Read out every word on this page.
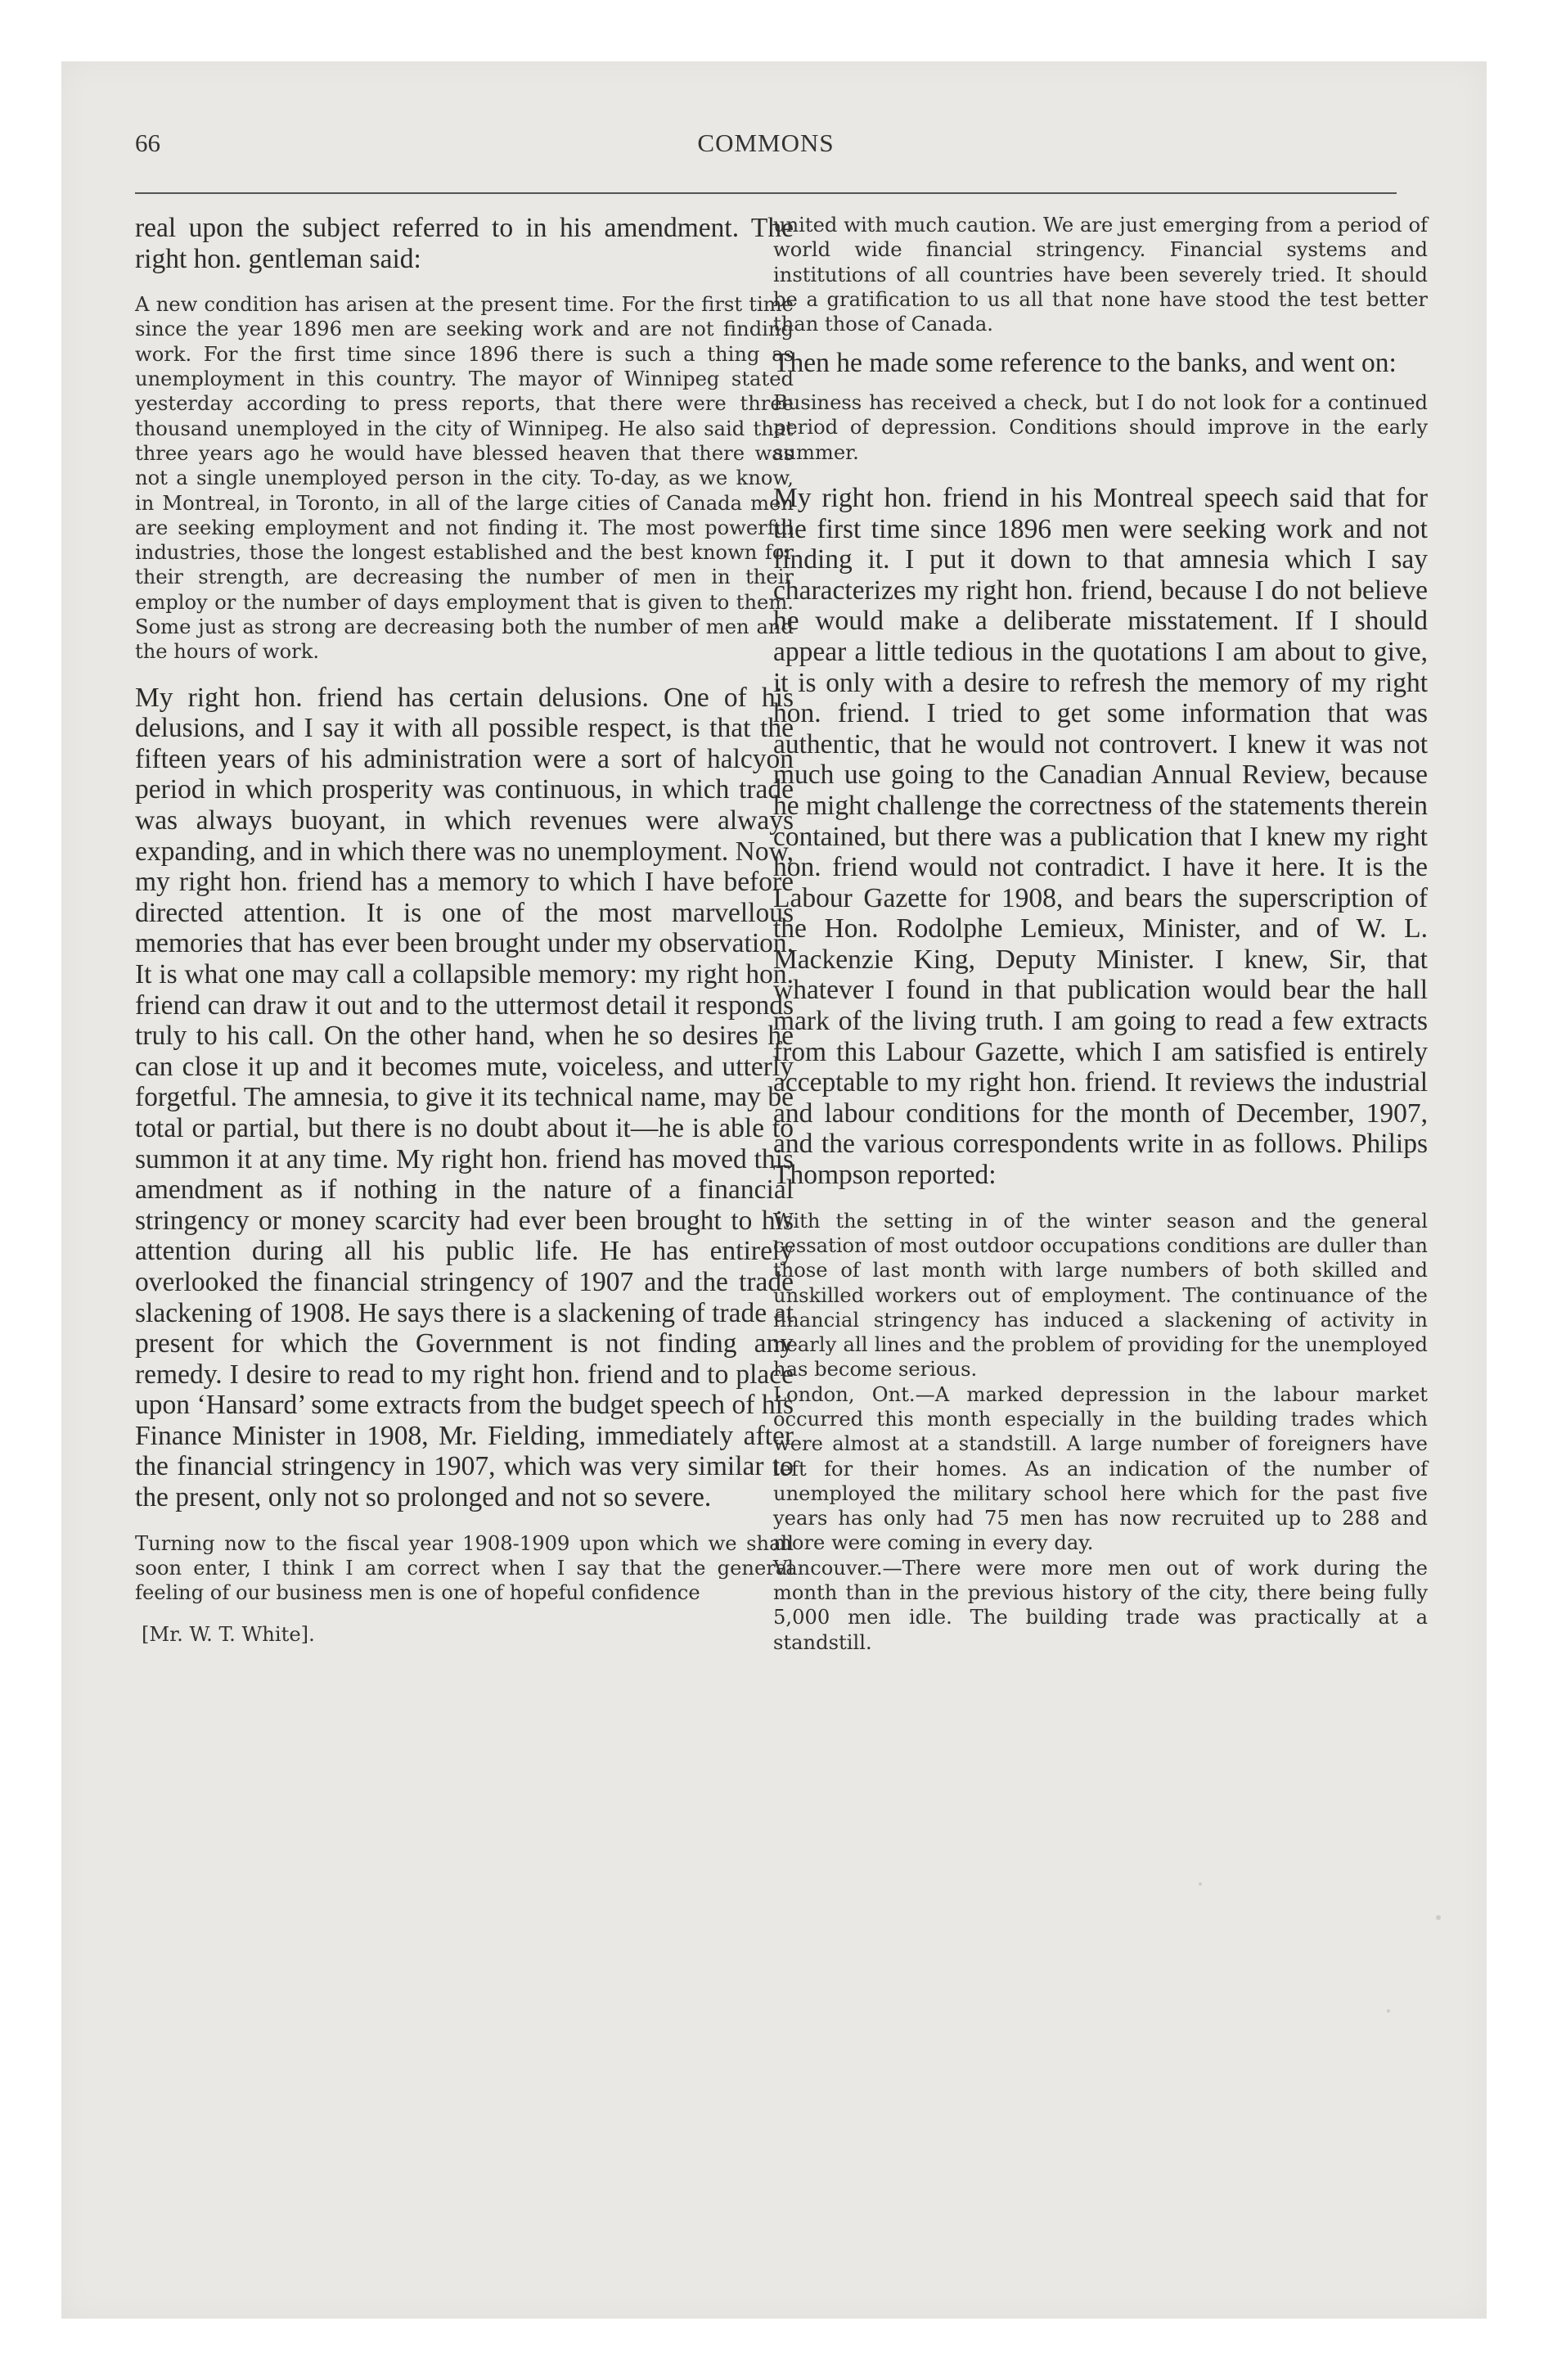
66	COMMONS

real upon the subject referred to in his amendment. The right hon. gentleman said:

A new condition has arisen at the present time. For the first time since the year 1896 men are seeking work and are not finding work. For the first time since 1896 there is such a thing as unemployment in this country. The mayor of Winnipeg stated yesterday according to press reports, that there were three thousand unemployed in the city of Winnipeg. He also said that three years ago he would have blessed heaven that there was not a single unemployed person in the city. To-day, as we know, in Montreal, in Toronto, in all of the large cities of Canada men are seeking employment and not finding it. The most powerful industries, those the longest established and the best known for their strength, are decreasing the number of men in their employ or the number of days employment that is given to them. Some just as strong are decreasing both the number of men and the hours of work.

My right hon. friend has certain delusions. One of his delusions, and I say it with all possible respect, is that the fifteen years of his administration were a sort of halcyon period in which prosperity was continuous, in which trade was always buoyant, in which revenues were always expanding, and in which there was no unemployment. Now, my right hon. friend has a memory to which I have before directed attention. It is one of the most marvellous memories that has ever been brought under my observation. It is what one may call a collapsible memory: my right hon. friend can draw it out and to the uttermost detail it responds truly to his call. On the other hand, when he so desires he can close it up and it becomes mute, voiceless, and utterly forgetful. The amnesia, to give it its technical name, may be total or partial, but there is no doubt about it—he is able to summon it at any time. My right hon. friend has moved this amendment as if nothing in the nature of a financial stringency or money scarcity had ever been brought to his attention during all his public life. He has entirely overlooked the financial stringency of 1907 and the trade slackening of 1908. He says there is a slackening of trade at present for which the Government is not finding any remedy. I desire to read to my right hon. friend and to place upon ‘Hansard’ some extracts from the budget speech of his Finance Minister in 1908, Mr. Fielding, immediately after the financial stringency in 1907, which was very similar to the present, only not so prolonged and not so severe.

Turning now to the fiscal year 1908-1909 upon which we shall soon enter, I think I am correct when I say that the general feeling of our business men is one of hopeful confidence

[Mr. W. T. White].

united with much caution. We are just emerging from a period of world wide financial stringency. Financial systems and institutions of all countries have been severely tried. It should be a gratification to us all that none have stood the test better than those of Canada.

Then he made some reference to the banks, and went on:

Business has received a check, but I do not look for a continued period of depression. Conditions should improve in the early summer.

My right hon. friend in his Montreal speech said that for the first time since 1896 men were seeking work and not finding it. I put it down to that amnesia which I say characterizes my right hon. friend, because I do not believe he would make a deliberate misstatement. If I should appear a little tedious in the quotations I am about to give, it is only with a desire to refresh the memory of my right hon. friend. I tried to get some information that was authentic, that he would not controvert. I knew it was not much use going to the Canadian Annual Review, because he might challenge the correctness of the statements therein contained, but there was a publication that I knew my right hon. friend would not contradict. I have it here. It is the Labour Gazette for 1908, and bears the superscription of the Hon. Rodolphe Lemieux, Minister, and of W. L. Mackenzie King, Deputy Minister. I knew, Sir, that whatever I found in that publication would bear the hall mark of the living truth. I am going to read a few extracts from this Labour Gazette, which I am satisfied is entirely acceptable to my right hon. friend. It reviews the industrial and labour conditions for the month of December, 1907, and the various correspondents write in as follows. Philips Thompson reported:

With the setting in of the winter season and the general cessation of most outdoor occupations conditions are duller than those of last month with large numbers of both skilled and unskilled workers out of employment. The continuance of the financial stringency has induced a slackening of activity in nearly all lines and the problem of providing for the unemployed has become serious.

London, Ont.—A marked depression in the labour market occurred this month especially in the building trades which were almost at a standstill. A large number of foreigners have left for their homes. As an indication of the number of unemployed the military school here which for the past five years has only had 75 men has now recruited up to 288 and more were coming in every day.

Vancouver.—There were more men out of work during the month than in the previous history of the city, there being fully 5,000 men idle. The building trade was practically at a standstill.
